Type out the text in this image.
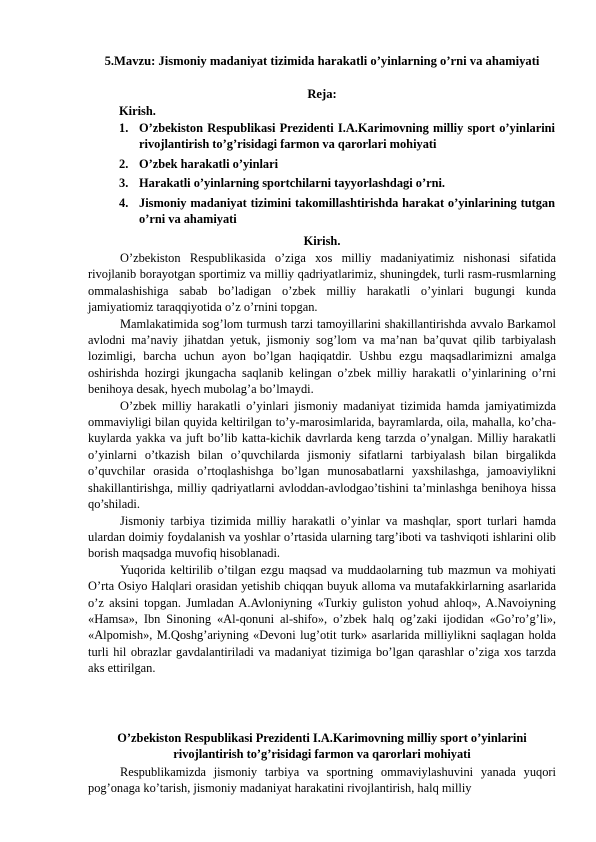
5.Mavzu: Jismoniy madaniyat tizimida harakatli o’yinlarning o’rni va ahamiyati
Reja:
Kirish.
1. O’zbekiston Respublikasi Prezidenti I.A.Karimovning milliy sport o’yinlarini rivojlantirish to’g’risidagi farmon va qarorlari mohiyati
2. O’zbek harakatli o’yinlari
3. Harakatli o’yinlarning sportchilarni tayyorlashdagi o’rni.
4. Jismoniy madaniyat tizimini takomillashtirishda harakat o’yinlarining tutgan o’rni va ahamiyati
Kirish.

O’zbekiston Respublikasida o’ziga xos milliy madaniyatimiz nishonasi sifatida rivojlanib borayotgan sportimiz va milliy qadriyatlarimiz, shuningdek, turli rasm-rusmlarning ommalashishiga sabab bo’ladigan o’zbek milliy harakatli o’yinlari bugungi kunda jamiyatiomiz taraqqiyotida o’z o’rnini topgan.

Mamlakatimida sog’lom turmush tarzi tamoyillarini shakillantirishda avvalo Barkamol avlodni ma’naviy jihatdan yetuk, jismoniy sog’lom va ma’nan ba’quvat qilib tarbiyalash lozimligi, barcha uchun ayon bo’lgan haqiqatdir. Ushbu ezgu maqsadlarimizni amalga oshirishda hozirgi jkungacha saqlanib kelingan o’zbek milliy harakatli o’yinlarining o’rni benihoya desak, hyech mubolag’a bo’lmaydi.

O’zbek milliy harakatli o’yinlari jismoniy madaniyat tizimida hamda jamiyatimizda ommaviyligi bilan quyida keltirilgan to’y-marosimlarida, bayramlarda, oila, mahalla, ko’cha-kuylarda yakka va juft bo’lib katta-kichik davrlarda keng tarzda o’ynalgan. Milliy harakatli o’yinlarni o’tkazish bilan o’quvchilarda jismoniy sifatlarni tarbiyalash bilan birgalikda o’quvchilar orasida o’rtoqlashishga bo’lgan munosabatlarni yaxshilashga, jamoaviylikni shakillantirishga, milliy qadriyatlarni avloddan-avlodgao’tishini ta’minlashga benihoya hissa qo’shiladi.

Jismoniy tarbiya tizimida milliy harakatli o’yinlar va mashqlar, sport turlari hamda ulardan doimiy foydalanish va yoshlar o’rtasida ularning targ’iboti va tashviqoti ishlarini olib borish maqsadga muvofiq hisoblanadi.

Yuqorida keltirilib o’tilgan ezgu maqsad va muddaolarning tub mazmun va mohiyati O’rta Osiyo Halqlari orasidan yetishib chiqqan buyuk alloma va mutafakkirlarning asarlarida o’z aksini topgan. Jumladan A.Avloniyning «Turkiy guliston yohud ahloq», A.Navoiyning «Hamsa», Ibn Sinoning «Al-qonuni al-shifo», o’zbek halq og’zaki ijodidan «Go’ro’g’li», «Alpomish», M.Qoshg’ariyning «Devoni lug’otit turk» asarlarida milliylikni saqlagan holda turli hil obrazlar gavdalantiriladi va madaniyat tizimiga bo’lgan qarashlar o’ziga xos tarzda aks ettirilgan.

O’zbekiston Respublikasi Prezidenti I.A.Karimovning milliy sport o’yinlarini rivojlantirish to’g’risidagi farmon va qarorlari mohiyati

Respublikamizda jismoniy tarbiya va sportning ommaviylashuvini yanada yuqori pog’onaga ko’tarish, jismoniy madaniyat harakatini rivojlantirish, halq milliy
